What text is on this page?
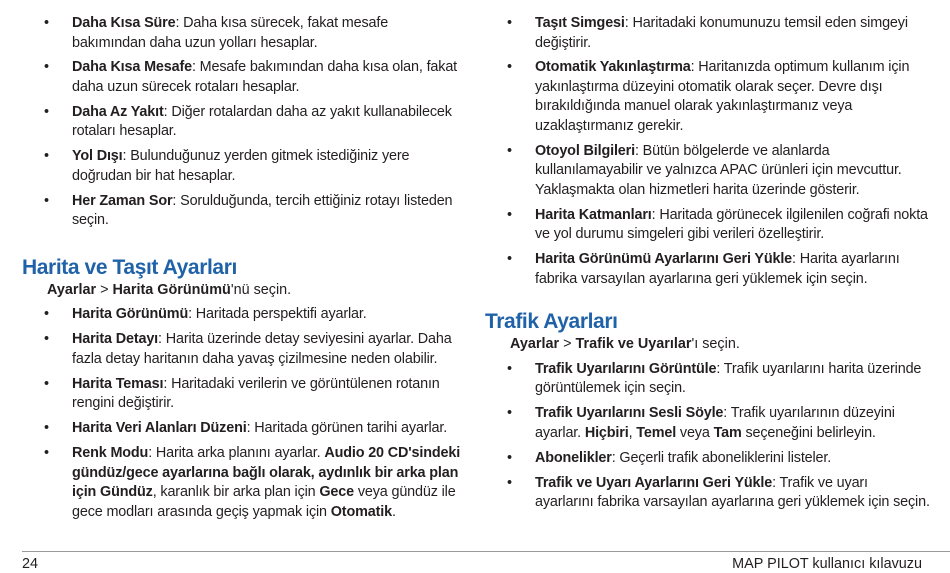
• Daha Kısa Süre: Daha kısa sürecek, fakat mesafe bakımından daha uzun yolları hesaplar.
• Daha Kısa Mesafe: Mesafe bakımından daha kısa olan, fakat daha uzun sürecek rotaları hesaplar.
• Daha Az Yakıt: Diğer rotalardan daha az yakıt kullanabilecek rotaları hesaplar.
• Yol Dışı: Bulunduğunuz yerden gitmek istediğiniz yere doğrudan bir hat hesaplar.
• Her Zaman Sor: Sorulduğunda, tercih ettiğiniz rotayı listeden seçin.
Harita ve Taşıt Ayarları
Ayarlar > Harita Görünümü'nü seçin.
• Harita Görünümü: Haritada perspektifi ayarlar.
• Harita Detayı: Harita üzerinde detay seviyesini ayarlar. Daha fazla detay haritanın daha yavaş çizilmesine neden olabilir.
• Harita Teması: Haritadaki verilerin ve görüntülenen rotanın rengini değiştirir.
• Harita Veri Alanları Düzeni: Haritada görünen tarihi ayarlar.
• Renk Modu: Harita arka planını ayarlar. Audio 20 CD'sindeki gündüz/gece ayarlarına bağlı olarak, aydınlık bir arka plan için Gündüz, karanlık bir arka plan için Gece veya gündüz ile gece modları arasında geçiş yapmak için Otomatik.
• Taşıt Simgesi: Haritadaki konumunuzu temsil eden simgeyi değiştirir.
• Otomatik Yakınlaştırma: Haritanızda optimum kullanım için yakınlaştırma düzeyini otomatik olarak seçer. Devre dışı bırakıldığında manuel olarak yakınlaştırmanız veya uzaklaştırmanız gerekir.
• Otoyol Bilgileri: Bütün bölgelerde ve alanlarda kullanılamayabilir ve yalnızca APAC ürünleri için mevcuttur. Yaklaşmakta olan hizmetleri harita üzerinde gösterir.
• Harita Katmanları: Haritada görünecek ilgilenilen coğrafi nokta ve yol durumu simgeleri gibi verileri özelleştirir.
• Harita Görünümü Ayarlarını Geri Yükle: Harita ayarlarını fabrika varsayılan ayarlarına geri yüklemek için seçin.
Trafik Ayarları
Ayarlar > Trafik ve Uyarılar'ı seçin.
• Trafik Uyarılarını Görüntüle: Trafik uyarılarını harita üzerinde görüntülemek için seçin.
• Trafik Uyarılarını Sesli Söyle: Trafik uyarılarının düzeyini ayarlar. Hiçbiri, Temel veya Tam seçeneğini belirleyin.
• Abonelikler: Geçerli trafik aboneliklerini listeler.
• Trafik ve Uyarı Ayarlarını Geri Yükle: Trafik ve uyarı ayarlarını fabrika varsayılan ayarlarına geri yüklemek için seçin.
24	MAP PILOT kullanıcı kılavuzu
